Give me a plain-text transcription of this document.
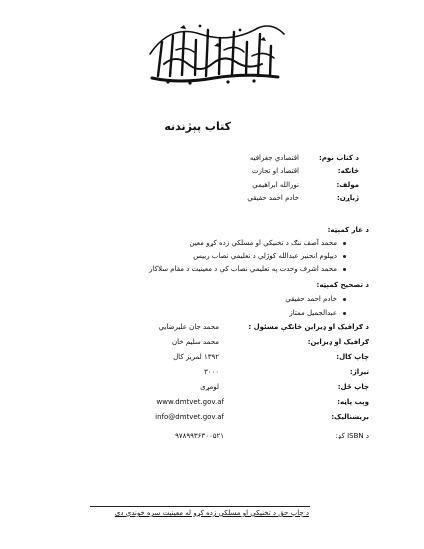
کتاب پېژندنه
د کتاب نوم:
اقتصادي جغرافیه
څانګه:
اقتصاد او تجارت
مولف:
نورالله ابراهیمي
ژباړن:
خادم احمد حقیقي
د غار کمېټه:
محمد آصف ننګ د تخنیکي او مسلکي زده کړو معین
دیپلوم انجنیر عبدالله کوژلي د تعلیمي نصاب رییس
محمد اشرف وحدت په تعلیمي نصاب کې د معینیت د مقام سلاکار
د تصحیح کمېټه:
خادم احمد حقیقي
عبدالجمیل ممتاز
د ګرافیک او ډیزاین څانګې مسئول :
محمد جان علیرضایي
ګرافیک او ډیزاین:
محمد سلیم خان
چاپ کال:
۱۳۹۲ لمریز کال
تیراژ:
۳۰۰۰
چاپ ځل:
لومړی
وېب پاڼه:
www.dmtvet.gov.af
بریښنالیک:
info@dmtvet.gov.af
د ISBN کډ:
۹۷۸۹۹۳۶۳۰۰۵۲۱
د چاپ حق د تخنیکي او مسلکي زده کړو له معینیت سره خوندي دی
